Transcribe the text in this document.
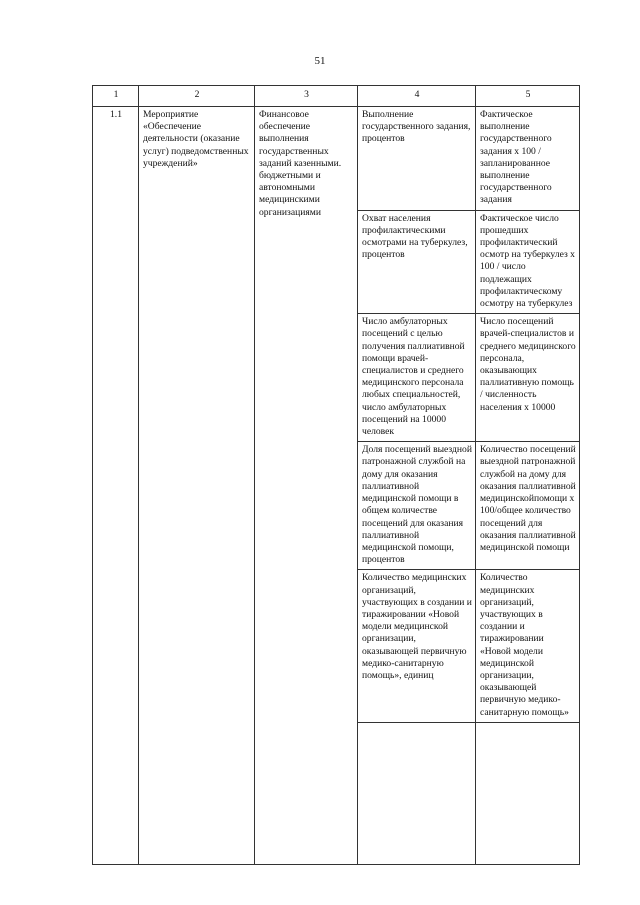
51
1	2	3	4	5
1.1	Мероприятие «Обеспечение деятельности (оказание услуг) подведомственных учреждений»	Финансовое обеспечение выполнения государственных заданий казенными. бюджетными и автономными медицинскими организациями	Выполнение государственного задания, процентов	Фактическое выполнение государственного задания х 100 / запланированное выполнение государственного задания
			Охват населения профилактическими осмотрами на туберкулез, процентов	Фактическое число прошедших профилактический осмотр на туберкулез х 100 / число подлежащих профилактическому осмотру на туберкулез
			Число амбулаторных посещений с целью получения паллиативной помощи врачей-специалистов и среднего медицинского персонала любых специальностей, число амбулаторных посещений на 10000 человек	Число посещений врачей-специалистов и среднего медицинского персонала, оказывающих паллиативную помощь / численность населения х 10000
			Доля посещений выездной патронажной службой на дому для оказания паллиативной медицинской помощи в общем количестве посещений для оказания паллиативной медицинской помощи, процентов	Количество посещений выездной патронажной службой на дому для оказания паллиативной медицинскойпомощи х 100/общее количество посещений для оказания паллиативной медицинской помощи
			Количество медицинских организаций, участвующих в создании и тиражировании «Новой модели медицинской организации, оказывающей первичную медико-санитарную помощь», единиц	Количество медицинских организаций, участвующих в создании и тиражировании «Новой модели медицинской организации, оказывающей первичную медико-санитарную помощь»
